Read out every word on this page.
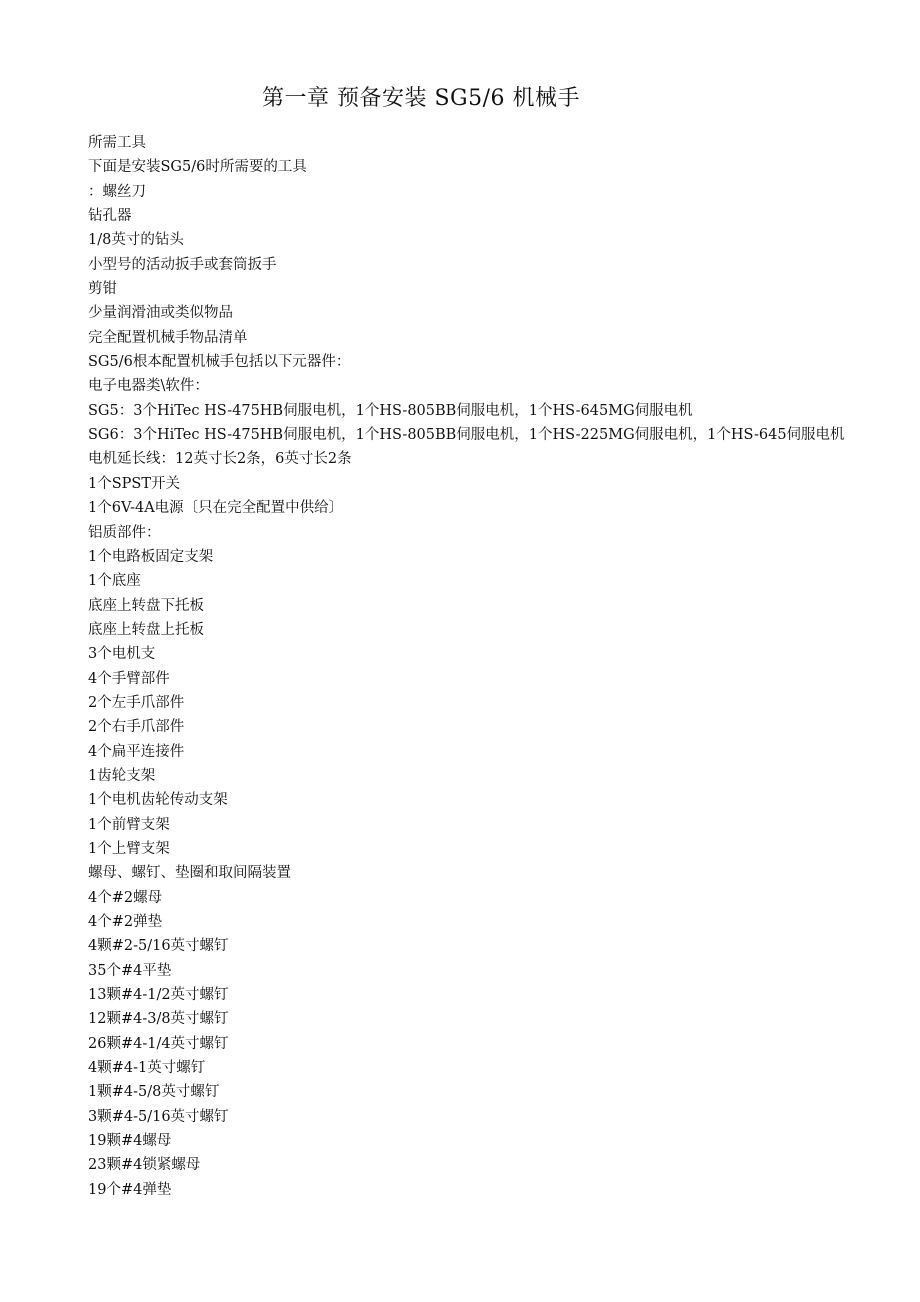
第一章 预备安装 SG5/6 机械手
所需工具
下面是安装SG5/6时所需要的工具
：螺丝刀
钻孔器
1/8英寸的钻头
小型号的活动扳手或套筒扳手
剪钳
少量润滑油或类似物品
完全配置机械手物品清单
SG5/6根本配置机械手包括以下元器件：
电子电器类\软件：
SG5：3个HiTec HS-475HB伺服电机，1个HS-805BB伺服电机，1个HS-645MG伺服电机
SG6：3个HiTec HS-475HB伺服电机，1个HS-805BB伺服电机，1个HS-225MG伺服电机，1个HS-645伺服电机
电机延长线：12英寸长2条，6英寸长2条
1个SPST开关
1个6V-4A电源〔只在完全配置中供给〕
铝质部件：
1个电路板固定支架
1个底座
底座上转盘下托板
底座上转盘上托板
3个电机支
4个手臂部件
2个左手爪部件
2个右手爪部件
4个扁平连接件
1齿轮支架
1个电机齿轮传动支架
1个前臂支架
1个上臂支架
螺母、螺钉、垫圈和取间隔装置
4个#2螺母
4个#2弹垫
4颗#2-5/16英寸螺钉
35个#4平垫
13颗#4-1/2英寸螺钉
12颗#4-3/8英寸螺钉
26颗#4-1/4英寸螺钉
4颗#4-1英寸螺钉
1颗#4-5/8英寸螺钉
3颗#4-5/16英寸螺钉
19颗#4螺母
23颗#4锁紧螺母
19个#4弹垫
